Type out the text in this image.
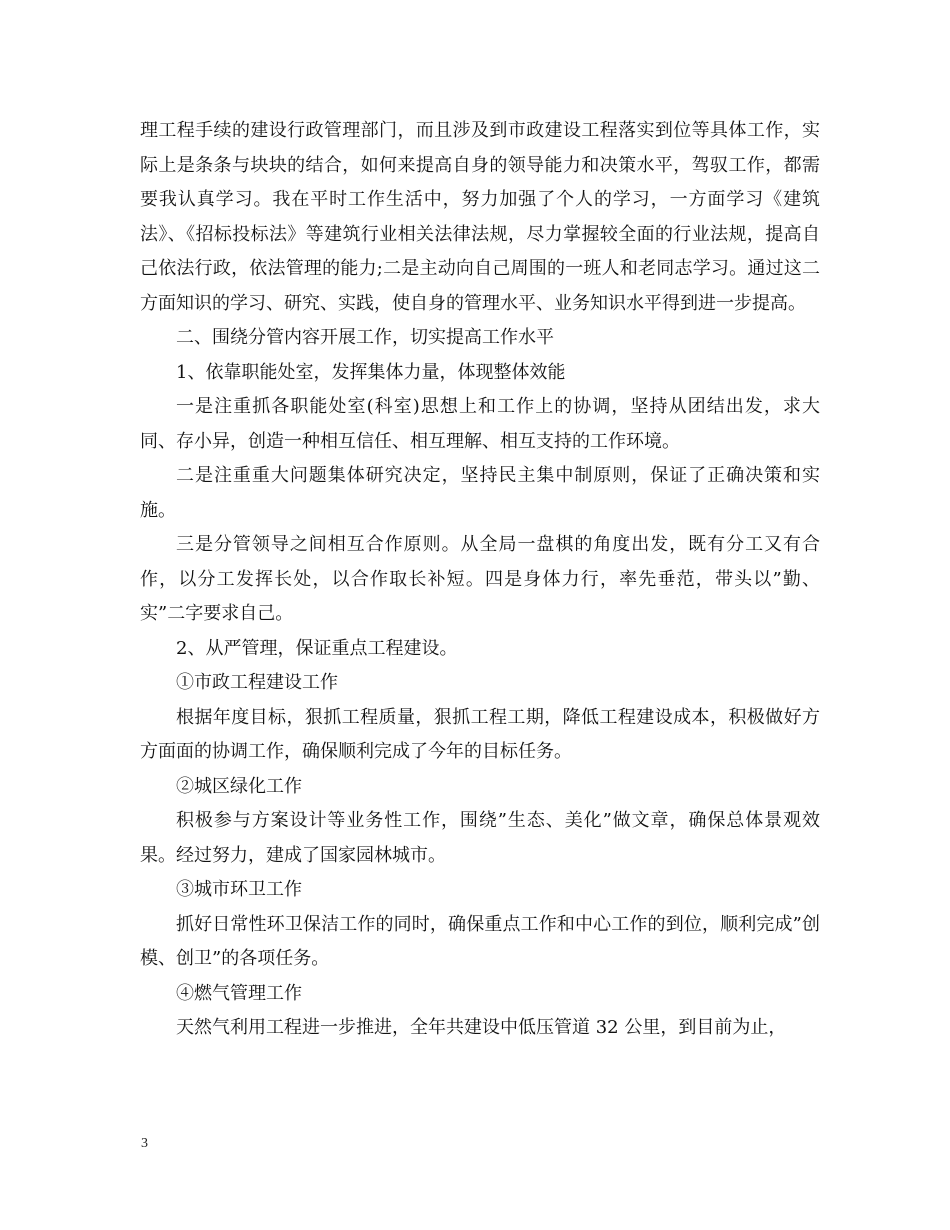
理工程手续的建设行政管理部门，而且涉及到市政建设工程落实到位等具体工作，实际上是条条与块块的结合，如何来提高自身的领导能力和决策水平，驾驭工作，都需要我认真学习。我在平时工作生活中，努力加强了个人的学习，一方面学习《建筑法》、《招标投标法》等建筑行业相关法律法规，尽力掌握较全面的行业法规，提高自己依法行政，依法管理的能力;二是主动向自己周围的一班人和老同志学习。通过这二方面知识的学习、研究、实践，使自身的管理水平、业务知识水平得到进一步提高。

二、围绕分管内容开展工作，切实提高工作水平

1、依靠职能处室，发挥集体力量，体现整体效能

一是注重抓各职能处室(科室)思想上和工作上的协调，坚持从团结出发，求大同、存小异，创造一种相互信任、相互理解、相互支持的工作环境。

二是注重重大问题集体研究决定，坚持民主集中制原则，保证了正确决策和实施。

三是分管领导之间相互合作原则。从全局一盘棋的角度出发，既有分工又有合作，以分工发挥长处，以合作取长补短。四是身体力行，率先垂范，带头以”勤、实”二字要求自己。

2、从严管理，保证重点工程建设。

①市政工程建设工作

根据年度目标，狠抓工程质量，狠抓工程工期，降低工程建设成本，积极做好方方面面的协调工作，确保顺利完成了今年的目标任务。

②城区绿化工作

积极参与方案设计等业务性工作，围绕”生态、美化”做文章，确保总体景观效果。经过努力，建成了国家园林城市。

③城市环卫工作

抓好日常性环卫保洁工作的同时，确保重点工作和中心工作的到位，顺利完成”创模、创卫”的各项任务。

④燃气管理工作

天然气利用工程进一步推进，全年共建设中低压管道 32 公里，到目前为止，

3
